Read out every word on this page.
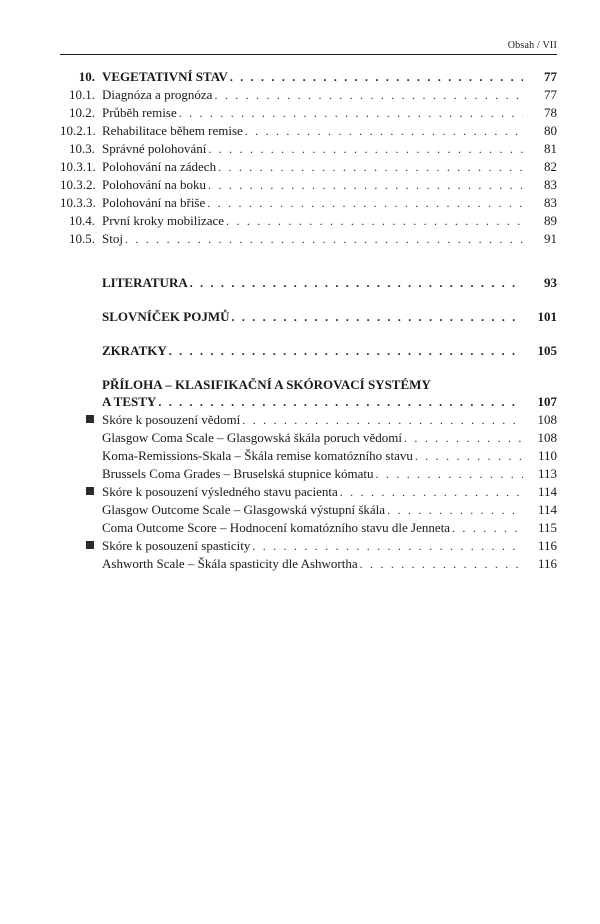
Obsah / VII
10. VEGETATIVNÍ STAV . . .	77
10.1. Diagnóza a prognóza . . .	77
10.2. Průběh remise . . .	78
10.2.1. Rehabilitace během remise . . .	80
10.3. Správné polohování . . .	81
10.3.1. Polohování na zádech . . .	82
10.3.2. Polohování na boku . . .	83
10.3.3. Polohování na břiše . . .	83
10.4. První kroky mobilizace . . .	89
10.5. Stoj . . .	91
LITERATURA . . .	93
SLOVNÍČEK POJMŮ . . .	101
ZKRATKY . . .	105
PŘÍLOHA – KLASIFIKAČNÍ A SKÓROVACÍ SYSTÉMY
A TESTY . . .	107
Skóre k posouzení vědomí . . .	108
Glasgow Coma Scale – Glasgowská škála poruch vědomí . . .	108
Koma-Remissions-Skala – Škála remise komatózního stavu . . .	110
Brussels Coma Grades – Bruselská stupnice kómatu . . .	113
Skóre k posouzení výsledného stavu pacienta . . .	114
Glasgow Outcome Scale – Glasgowská výstupní škála . . .	114
Coma Outcome Score – Hodnocení komatózního stavu dle Jenneta . . .	115
Skóre k posouzení spasticity . . .	116
Ashworth Scale – Škála spasticity dle Ashwortha . . .	116
